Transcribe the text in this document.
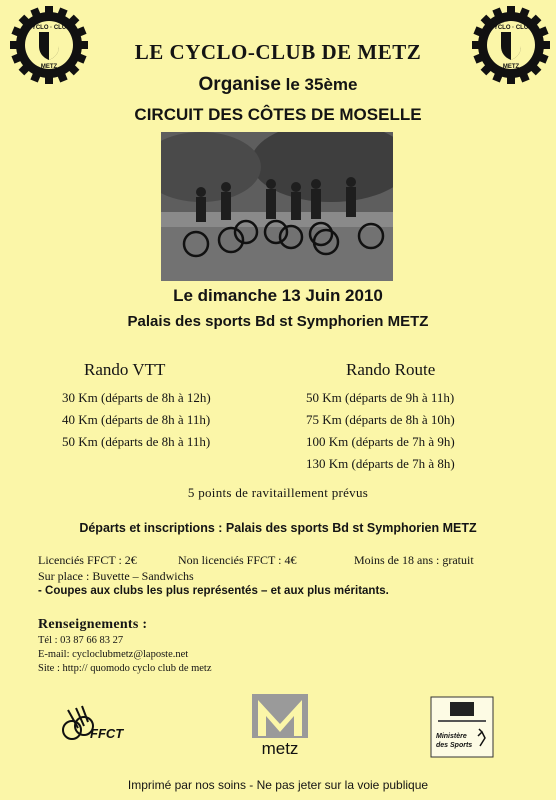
CYCLO · CLUB
METZ
CYCLO · CLUB
METZ
LE CYCLO-CLUB DE METZ
Organise le 35ème
CIRCUIT DES CÔTES DE MOSELLE
Le dimanche 13 Juin 2010
Palais des sports Bd st Symphorien METZ
Rando VTT
30 Km (départs de 8h à 12h)
40 Km (départs de 8h à 11h)
50 Km (départs de 8h à 11h)
Rando Route
50 Km (départs de 9h à 11h)
75 Km (départs de 8h à 10h)
100 Km (départs de 7h à 9h)
130 Km (départs de 7h à 8h)
5 points de ravitaillement prévus
Départs et inscriptions : Palais des sports Bd st Symphorien METZ
Licenciés FFCT : 2€	Non licenciés FFCT : 4€	Moins de 18 ans : gratuit
Sur place : Buvette – Sandwichs
- Coupes aux clubs les plus représentés – et aux plus méritants.
Renseignements :
Tél : 03 87 66 83 27
E-mail: cycloclubmetz@laposte.net
Site : http:// quomodo cyclo club de metz
FFCT
metz
Ministère
des Sports
Imprimé par nos soins - Ne pas jeter sur la voie publique
